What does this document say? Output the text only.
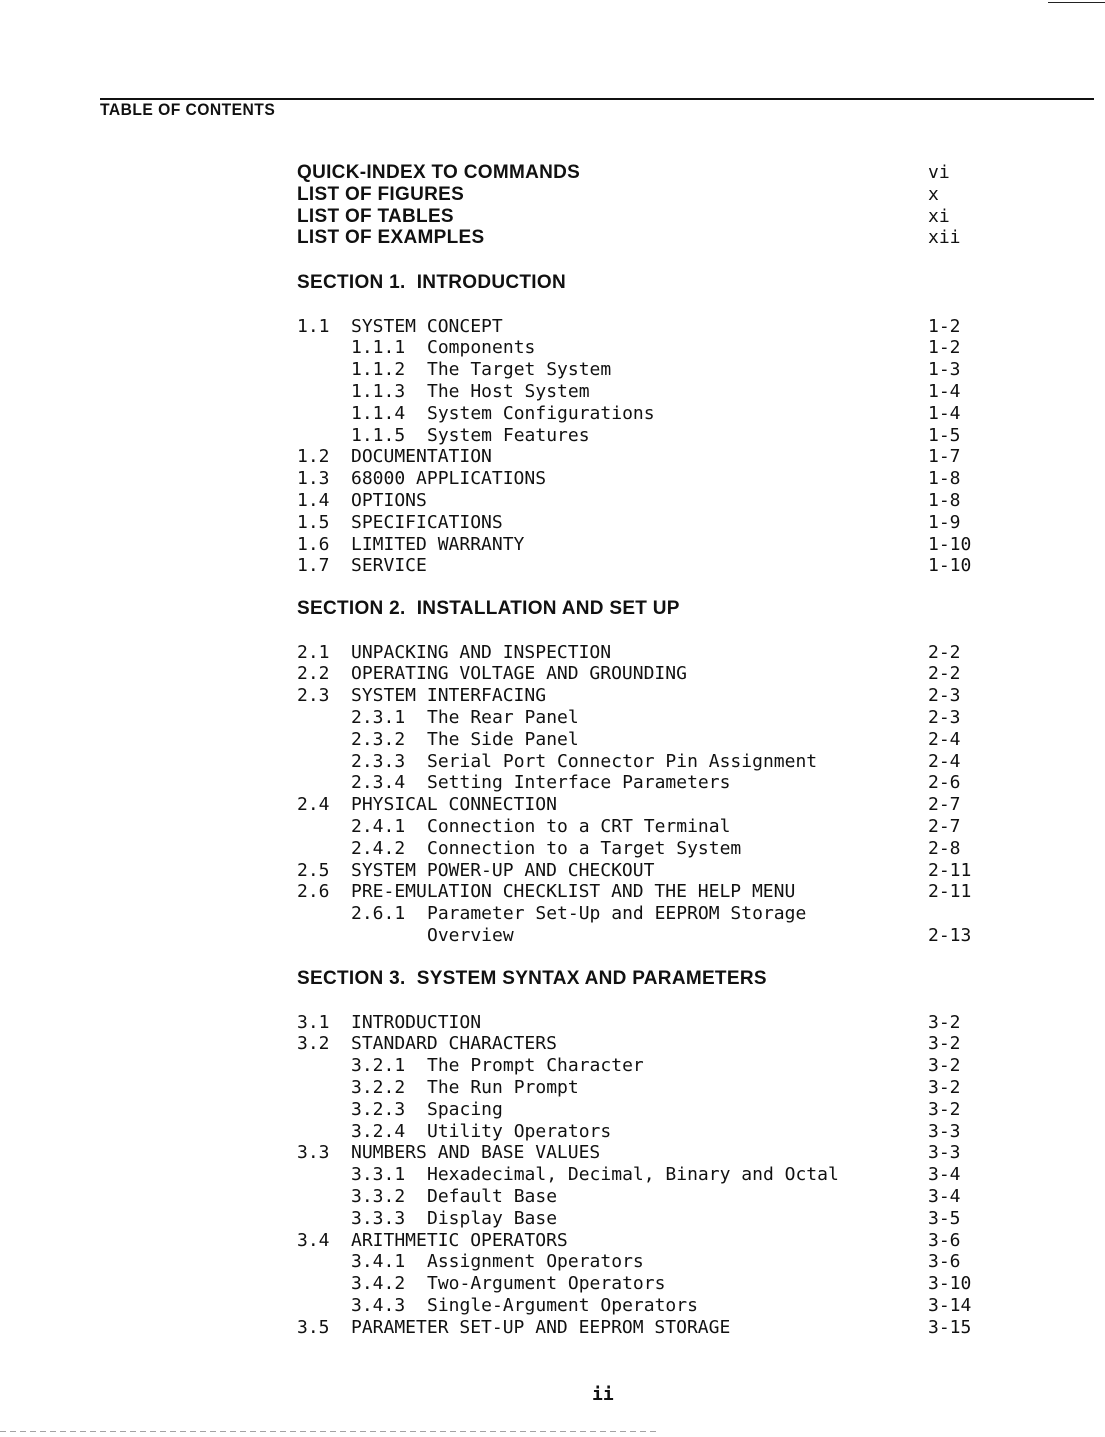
TABLE OF CONTENTS
QUICK-INDEX TO COMMANDS	vi
LIST OF FIGURES	x
LIST OF TABLES	xi
LIST OF EXAMPLES	xii
SECTION 1.  INTRODUCTION
1.1 SYSTEM CONCEPT	1-2
1.1.1 Components	1-2
1.1.2 The Target System	1-3
1.1.3 The Host System	1-4
1.1.4 System Configurations	1-4
1.1.5 System Features	1-5
1.2 DOCUMENTATION	1-7
1.3 68000 APPLICATIONS	1-8
1.4 OPTIONS	1-8
1.5 SPECIFICATIONS	1-9
1.6 LIMITED WARRANTY	1-10
1.7 SERVICE	1-10
SECTION 2.  INSTALLATION AND SET UP
2.1 UNPACKING AND INSPECTION	2-2
2.2 OPERATING VOLTAGE AND GROUNDING	2-2
2.3 SYSTEM INTERFACING	2-3
2.3.1 The Rear Panel	2-3
2.3.2 The Side Panel	2-4
2.3.3 Serial Port Connector Pin Assignment	2-4
2.3.4 Setting Interface Parameters	2-6
2.4 PHYSICAL CONNECTION	2-7
2.4.1 Connection to a CRT Terminal	2-7
2.4.2 Connection to a Target System	2-8
2.5 SYSTEM POWER-UP AND CHECKOUT	2-11
2.6 PRE-EMULATION CHECKLIST AND THE HELP MENU	2-11
2.6.1 Parameter Set-Up and EEPROM Storage
Overview	2-13
SECTION 3.  SYSTEM SYNTAX AND PARAMETERS
3.1 INTRODUCTION	3-2
3.2 STANDARD CHARACTERS	3-2
3.2.1 The Prompt Character	3-2
3.2.2 The Run Prompt	3-2
3.2.3 Spacing	3-2
3.2.4 Utility Operators	3-3
3.3 NUMBERS AND BASE VALUES	3-3
3.3.1 Hexadecimal, Decimal, Binary and Octal	3-4
3.3.2 Default Base	3-4
3.3.3 Display Base	3-5
3.4 ARITHMETIC OPERATORS	3-6
3.4.1 Assignment Operators	3-6
3.4.2 Two-Argument Operators	3-10
3.4.3 Single-Argument Operators	3-14
3.5 PARAMETER SET-UP AND EEPROM STORAGE	3-15
ii
